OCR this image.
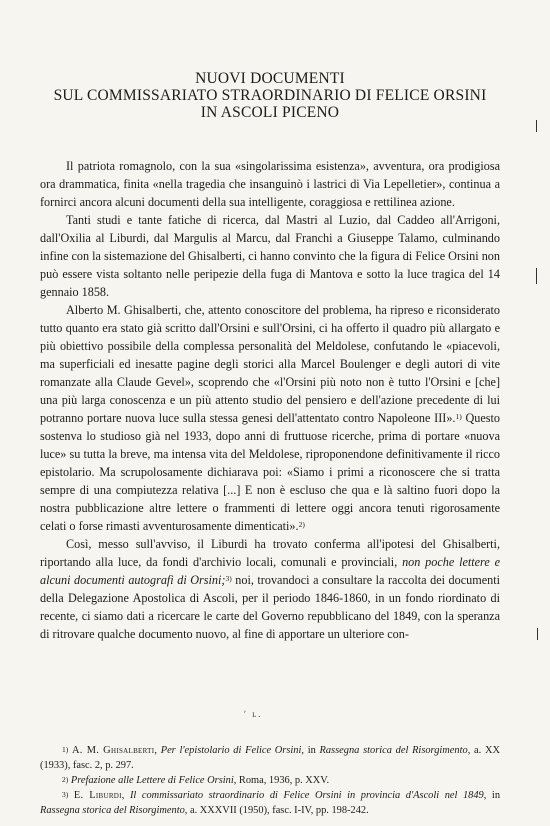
NUOVI DOCUMENTI
SUL COMMISSARIATO STRAORDINARIO DI FELICE ORSINI
IN ASCOLI PICENO

Il patriota romagnolo, con la sua «singolarissima esistenza», avventura, ora prodigiosa ora drammatica, finita «nella tragedia che insanguinò i lastrici di Via Lepelletier», continua a fornirci ancora alcuni documenti della sua intelligente, coraggiosa e rettilinea azione.

Tanti studi e tante fatiche di ricerca, dal Mastri al Luzio, dal Caddeo all'Arrigoni, dall'Oxilia al Liburdi, dal Margulis al Marcu, dal Franchi a Giuseppe Talamo, culminando infine con la sistemazione del Ghisalberti, ci hanno convinto che la figura di Felice Orsini non può essere vista soltanto nelle peripezie della fuga di Mantova e sotto la luce tragica del 14 gennaio 1858.

Alberto M. Ghisalberti, che, attento conoscitore del problema, ha ripreso e riconsiderato tutto quanto era stato già scritto dall'Orsini e sull'Orsini, ci ha offerto il quadro più allargato e più obiettivo possibile della complessa personalità del Meldolese, confutando le «piacevoli, ma superficiali ed inesatte pagine degli storici alla Marcel Boulenger e degli autori di vite romanzate alla Claude Gevel», scoprendo che «l'Orsini più noto non è tutto l'Orsini e [che] una più larga conoscenza e un più attento studio del pensiero e dell'azione precedente di lui potranno portare nuova luce sulla stessa genesi dell'attentato contro Napoleone III».$^{1)}$ Questo sostenva lo studioso già nel 1933, dopo anni di fruttuose ricerche, prima di portare «nuova luce» su tutta la breve, ma intensa vita del Meldolese, riproponendone definitivamente il ricco epistolario. Ma scrupolosamente dichiarava poi: «Siamo i primi a riconoscere che si tratta sempre di una compiutezza relativa [...] E non è escluso che qua e là saltino fuori dopo la nostra pubblicazione altre lettere o frammenti di lettere oggi ancora tenuti rigorosamente celati o forse rimasti avventurosamente dimenticati».$^{2)}$

Così, messo sull'avviso, il Liburdi ha trovato conferma all'ipotesi del Ghisalberti, riportando alla luce, da fondi d'archivio locali, comunali e provinciali, non poche lettere e alcuni documenti autografi di Orsini;$^{3)}$ noi, trovandoci a consultare la raccolta dei documenti della Delegazione Apostolica di Ascoli, per il periodo 1846-1860, in un fondo riordinato di recente, ci siamo dati a ricercare le carte del Governo repubblicano del 1849, con la speranza di ritrovare qualche documento nuovo, al fine di apportare un ulteriore con-

ʹ ʟ.

$^{1)}$ A. M. Ghisalberti, Per l'epistolario di Felice Orsini, in Rassegna storica del Risorgimento, a. XX (1933), fasc. 2, p. 297.

$^{2)}$ Prefazione alle Lettere di Felice Orsini, Roma, 1936, p. XXV.

$^{3)}$ E. Liburdi, Il commissariato straordinario di Felice Orsini in provincia d'Ascoli nel 1849, in Rassegna storica del Risorgimento, a. XXXVII (1950), fasc. I-IV, pp. 198-242.
